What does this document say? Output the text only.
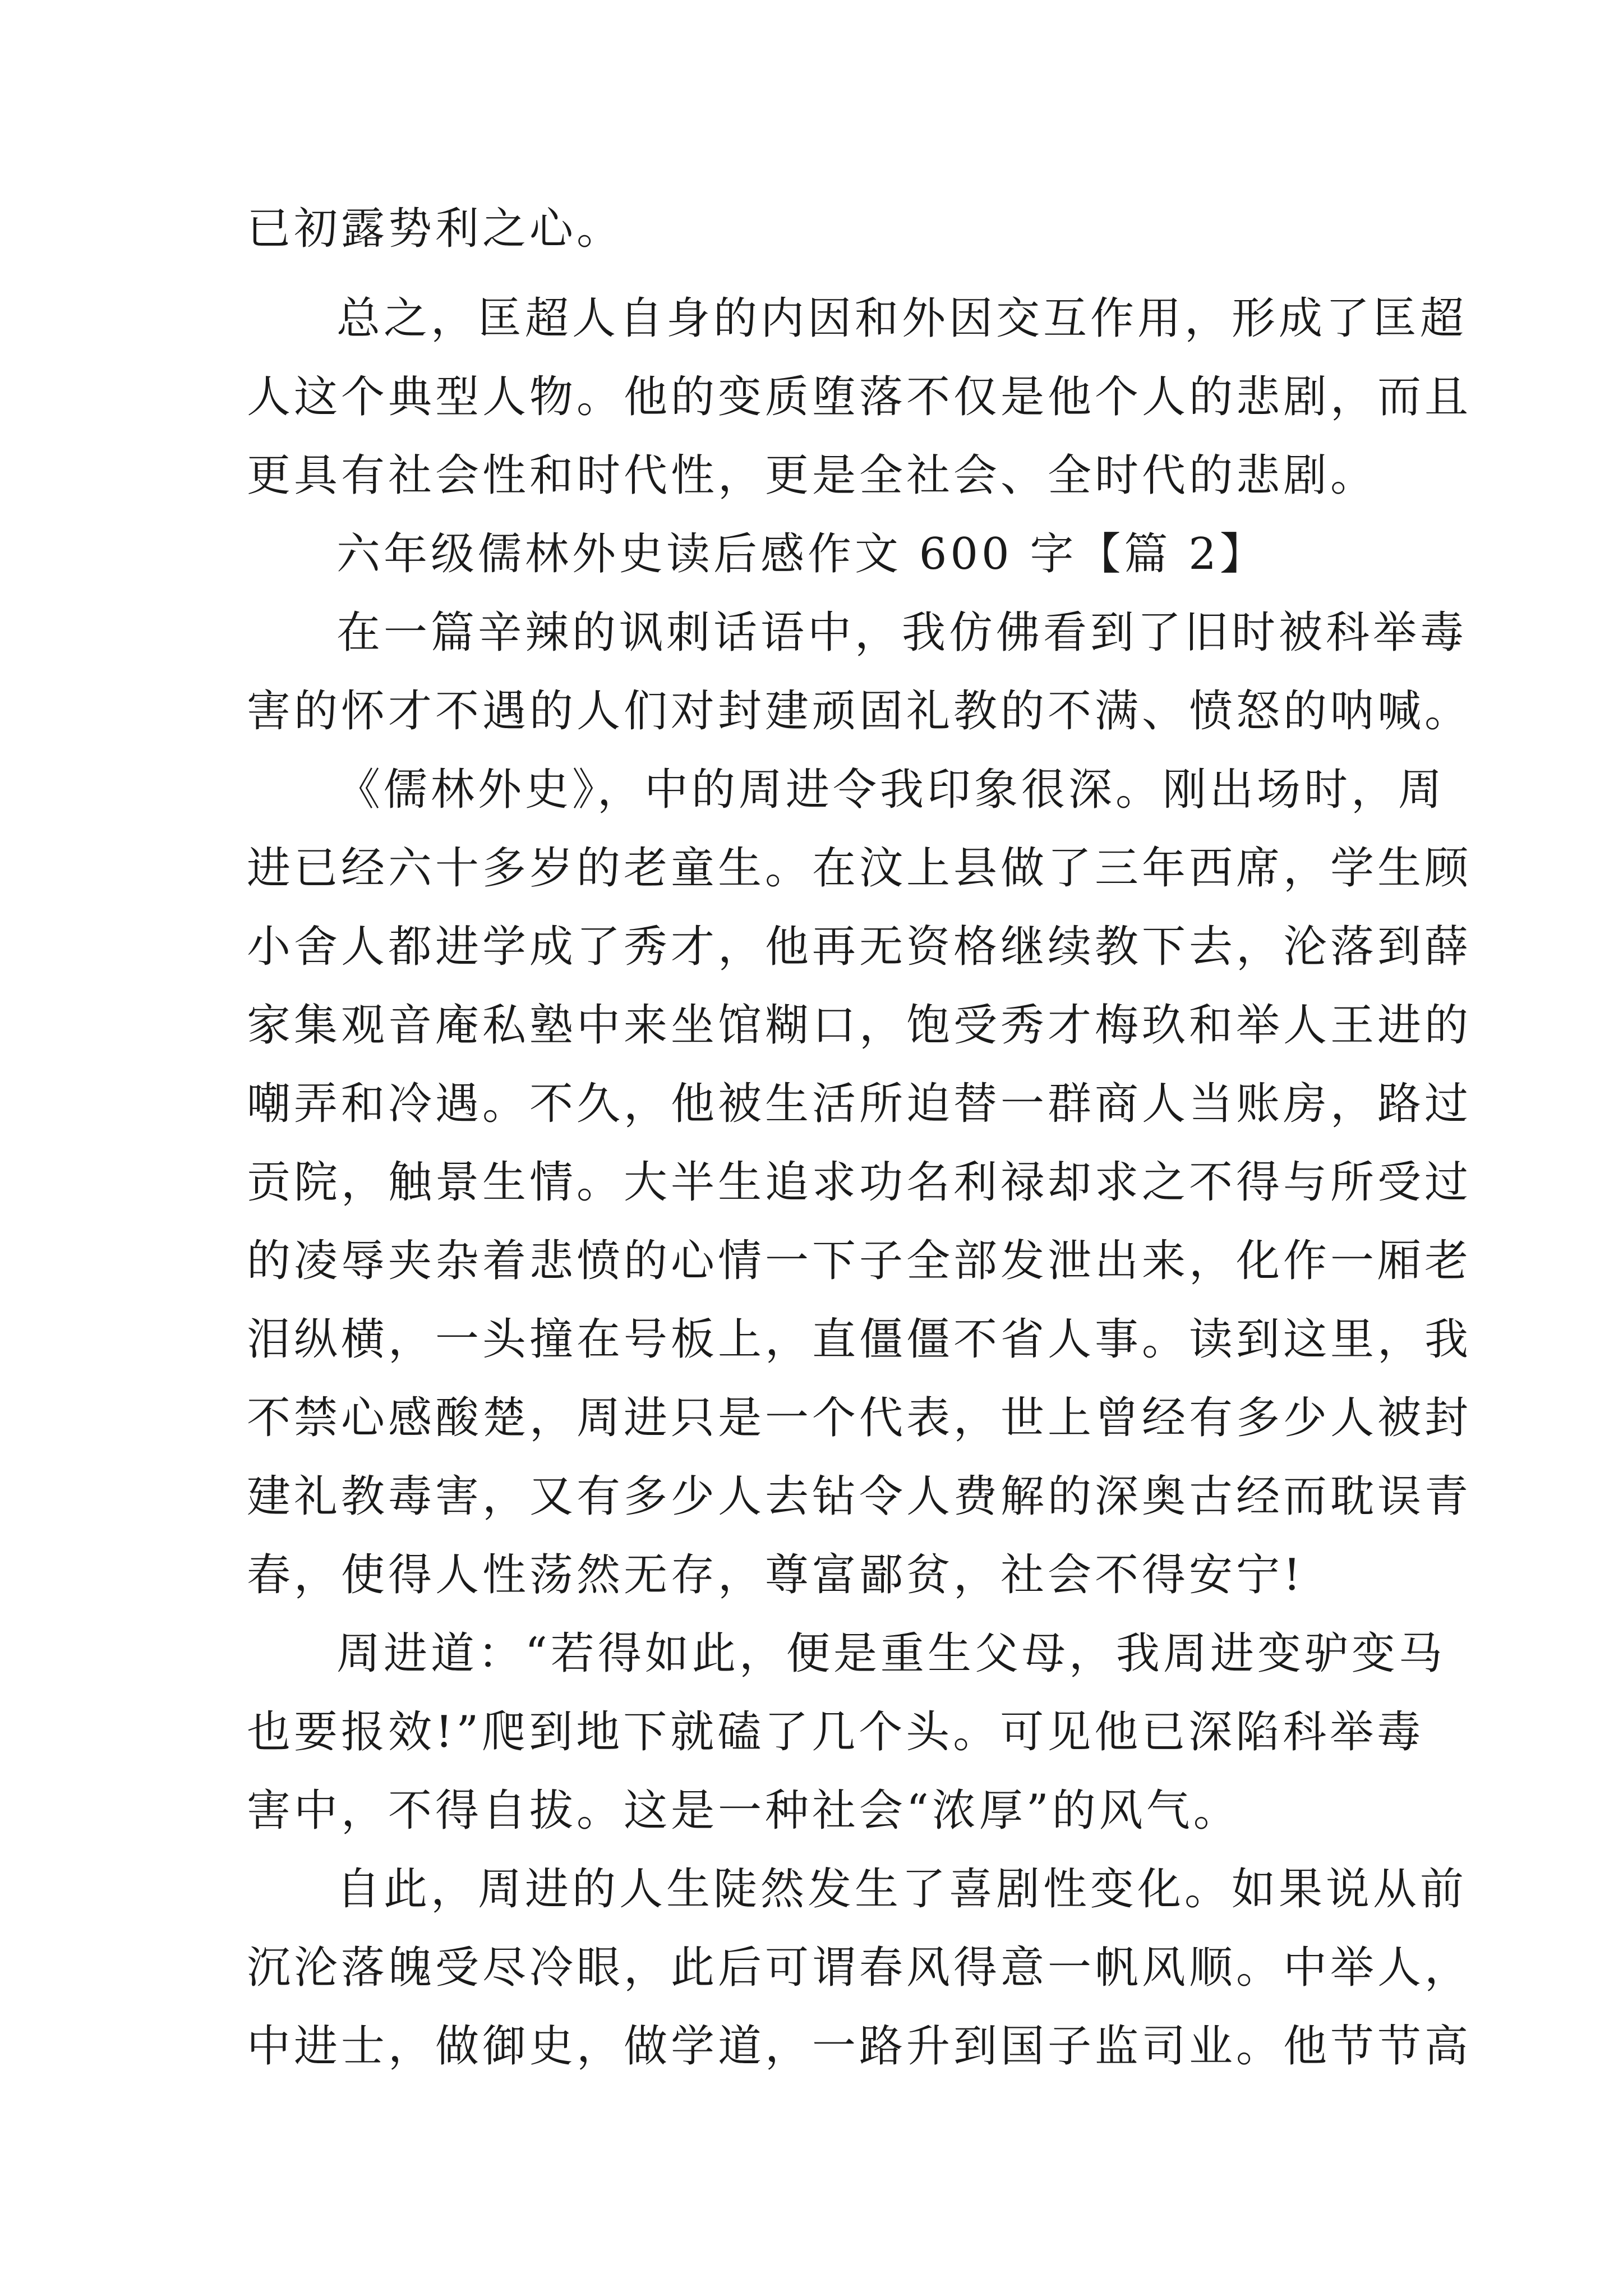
已初露势利之心。

总之，匡超人自身的内因和外因交互作用，形成了匡超

人这个典型人物。他的变质堕落不仅是他个人的悲剧，而且

更具有社会性和时代性，更是全社会、全时代的悲剧。

六年级儒林外史读后感作文 600 字【篇 2】

在一篇辛辣的讽刺话语中，我仿佛看到了旧时被科举毒

害的怀才不遇的人们对封建顽固礼教的不满、愤怒的呐喊。

《儒林外史》，中的周进令我印象很深。刚出场时，周

进已经六十多岁的老童生。在汶上县做了三年西席，学生顾

小舍人都进学成了秀才，他再无资格继续教下去，沦落到薛

家集观音庵私塾中来坐馆糊口，饱受秀才梅玖和举人王进的

嘲弄和冷遇。不久，他被生活所迫替一群商人当账房，路过

贡院，触景生情。大半生追求功名利禄却求之不得与所受过

的凌辱夹杂着悲愤的心情一下子全部发泄出来，化作一厢老

泪纵横，一头撞在号板上，直僵僵不省人事。读到这里，我

不禁心感酸楚，周进只是一个代表，世上曾经有多少人被封

建礼教毒害，又有多少人去钻令人费解的深奥古经而耽误青

春，使得人性荡然无存，尊富鄙贫，社会不得安宁!

周进道：“若得如此，便是重生父母，我周进变驴变马

也要报效!”爬到地下就磕了几个头。可见他已深陷科举毒

害中，不得自拔。这是一种社会“浓厚”的风气。

自此，周进的人生陡然发生了喜剧性变化。如果说从前

沉沦落魄受尽冷眼，此后可谓春风得意一帆风顺。中举人，

中进士，做御史，做学道，一路升到国子监司业。他节节高
